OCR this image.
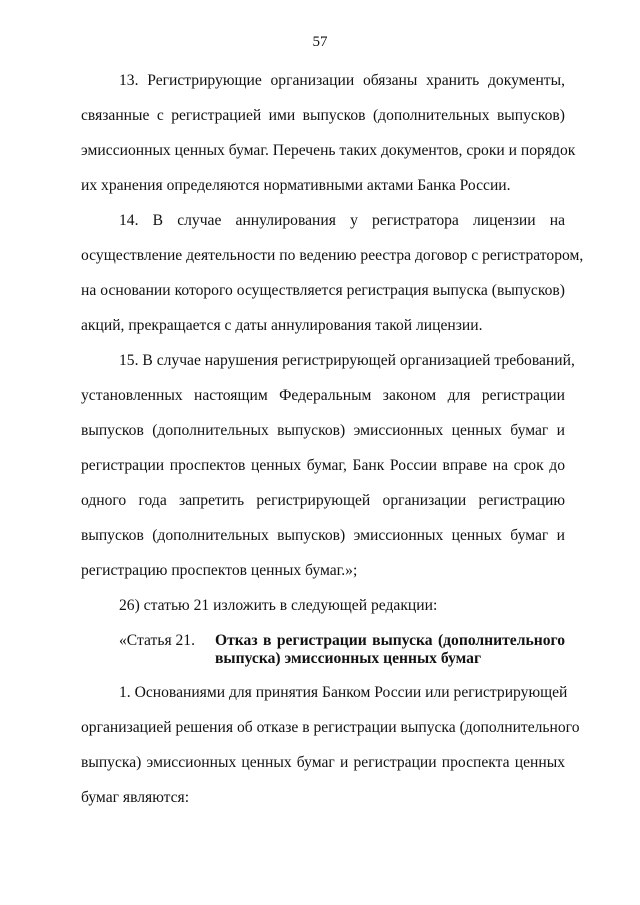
57
13. Регистрирующие организации обязаны хранить документы,
связанные с регистрацией ими выпусков (дополнительных выпусков)
эмиссионных ценных бумаг. Перечень таких документов, сроки и порядок
их хранения определяются нормативными актами Банка России.
14. В случае аннулирования у регистратора лицензии на
осуществление деятельности по ведению реестра договор с регистратором,
на основании которого осуществляется регистрация выпуска (выпусков)
акций, прекращается с даты аннулирования такой лицензии.
15. В случае нарушения регистрирующей организацией требований,
установленных настоящим Федеральным законом для регистрации
выпусков (дополнительных выпусков) эмиссионных ценных бумаг и
регистрации проспектов ценных бумаг, Банк России вправе на срок до
одного года запретить регистрирующей организации регистрацию
выпусков (дополнительных выпусков) эмиссионных ценных бумаг и
регистрацию проспектов ценных бумаг.»;
26) статью 21 изложить в следующей редакции:
«Статья 21. Отказ в регистрации выпуска (дополнительного
выпуска) эмиссионных ценных бумаг
1. Основаниями для принятия Банком России или регистрирующей
организацией решения об отказе в регистрации выпуска (дополнительного
выпуска) эмиссионных ценных бумаг и регистрации проспекта ценных
бумаг являются:
